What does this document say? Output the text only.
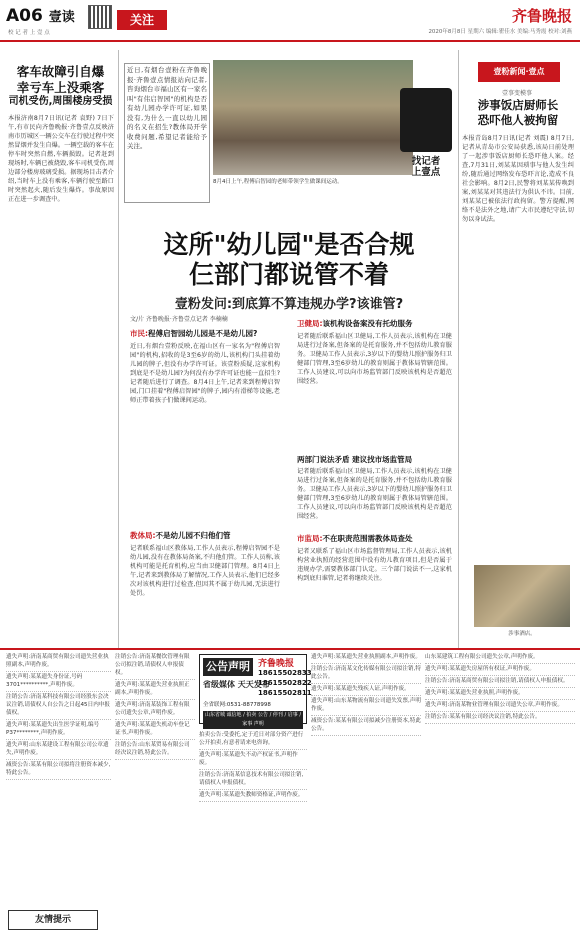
A06 壹读
校 记 者 上 壹 点
关注	齐鲁晚报
2020年8月8日 星期六 编辑:瞿佳水 美编:马秀霞 校对:刘燕
客车故障引自爆
幸亏车上没乘客
司机受伤,周围楼房受损
本报济南8月7日讯(记者 袁野) 7日下午,有市民向齐鲁晚报·齐鲁壹点反映济南市历城区一辆公交车在行驶过程中突然冒烟并发生自爆。一辆空载的客车在停车时突然自燃,车辆损毁。记者赶到现场时,车辆已被烧毁,客车司机受伤,周边部分楼房玻璃受损。据现场目击者介绍,当时车上没有乘客,车辆行驶至路口时突然起火,随后发生爆炸。事故原因正在进一步调查中。
近日,有烟台壹粉在齐鲁晚报·齐鲁壹点情报站向记者,咨询烟台市福山区有一家名叫"有伟启智园"的机构是否有幼儿园办学许可证,如果没有,为什么一直以幼儿园的名义在招生?教体局开学收费问题,希望记者能给予关注。
8月4日上午,程傅启智园的老师带领学生做课间运动。
找记者
上壹点
这所"幼儿园"是否合规
仨部门都说管不着
壹粉发问:到底算不算违规办学?该谁管?
文/片 齐鲁晚报·齐鲁壹点记者 李楠楠
市民:程傅启智园幼儿园是不是幼儿园?
近日,有烟台壹粉反映,在福山区有一家名为"程傅启智园"的机构,招收的是3至6岁的幼儿,该机构门头挂着幼儿园的牌子,但没有办学许可证。该壹粉质疑,这家机构到底是不是幼儿园?为何没有办学许可证也能一直招生?记者随后进行了调查。8月4日上午,记者来到程傅启智园,门口挂着"程傅启智园"的牌子,园内有滑梯等设施,老师正带着孩子们做课间运动。
教体局:不是幼儿园不归他们管
记者联系福山区教体局,工作人员表示,程傅启智园不是幼儿园,没有在教体局备案,不归他们管。工作人员称,该机构可能是托育机构,应当由卫健部门管理。8月4日上午,记者来到教体局了解情况,工作人员表示,他们已经多次对该机构进行过检查,但因其不属于幼儿园,无法进行处罚。
卫健局:该机构设备案没有托幼服务
记者随后联系福山区卫健局,工作人员表示,该机构在卫健局进行过备案,但备案的是托育服务,并不包括幼儿教育服务。卫健局工作人员表示,3岁以下的婴幼儿照护服务归卫健部门管理,3至6岁幼儿的教育则属于教体局管辖范围。工作人员建议,可以向市场监管部门反映该机构是否超范围经营。
两部门说法矛盾 建议找市场监管局
记者随后联系福山区卫健局,工作人员表示,该机构在卫健局进行过备案,但备案的是托育服务,并不包括幼儿教育服务。卫健局工作人员表示,3岁以下的婴幼儿照护服务归卫健部门管理,3至6岁幼儿的教育则属于教体局管辖范围。工作人员建议,可以向市场监管部门反映该机构是否超范围经营。
市监局:不在职责范围需教体局查处
记者又联系了福山区市场监督管理局,工作人员表示,该机构营业执照的经营范围中没有幼儿教育项目,但是否属于违规办学,需要教体部门认定。三个部门说法不一,这家机构到底归谁管,记者将继续关注。
壹粉新闻·壹点
壹事变模事
涉事饭店厨师长
恐吓他人被拘留
本报青岛8月7日讯(记者 刘震) 8月7日,记者从青岛市公安局获悉,该局日前处理了一起涉事饭店厨师长恐吓他人案。经查,7月31日,刘某某因琐事与他人发生纠纷,随后通过网络发布恐吓言论,造成不良社会影响。8月2日,民警将刘某某传唤到案,刘某某对其违法行为供认不讳。目前,刘某某已被依法行政拘留。警方提醒,网络不是法外之地,请广大市民遵纪守法,切勿以身试法。
涉事酒店。
遗失声明:济南某商贸有限公司遗失营业执照副本,声明作废。
遗失声明:某某遗失身份证,号码3701**********,声明作废。
注销公告:济南某科技有限公司经股东会决议注销,请债权人自公告之日起45日内申报债权。
遗失声明:某某遗失出生医学证明,编号P37********,声明作废。
遗失声明:山东某建设工程有限公司公章遗失,声明作废。
减资公告:某某有限公司拟将注册资本减少,特此公告。
注销公告:济南某餐饮管理有限公司拟注销,请债权人申报债权。
遗失声明:某某遗失营业执照正副本,声明作废。
遗失声明:济南某装饰工程有限公司遗失公章,声明作废。
遗失声明:某某遗失机动车登记证书,声明作废。
注销公告:山东某贸易有限公司经决议注销,特此公告。
拍卖公告:受委托,定于近日对部分资产进行公开拍卖,有意者请来电咨询。
遗失声明:某某遗失不动产权证书,声明作废。
注销公告:济南某信息技术有限公司拟注销,请债权人申报债权。
遗失声明:某某遗失教师资格证,声明作废。
遗失声明:某某遗失营业执照副本,声明作废。
注销公告:济南某文化传媒有限公司拟注销,特此公告。
遗失声明:某某遗失残疾人证,声明作废。
遗失声明:山东某物流有限公司遗失发票,声明作废。
减资公告:某某有限公司拟减少注册资本,特此公告。
山东某建筑工程有限公司遗失公章,声明作废。
遗失声明:某某遗失房屋所有权证,声明作废。
注销公告:济南某商贸有限公司拟注销,请债权人申报债权。
遗失声明:某某遗失营业执照,声明作废。
遗失声明:济南某物业管理有限公司遗失公章,声明作废。
注销公告:某某有限公司经决议注销,特此公告。
公告声明 齐鲁晚报
省级媒体 天天发布
18615502833
18615502822
18615502811
全省联网:0531-88778998
山东省城 诚信地 / 拍卖 公告 / 停刊 / 启事 / 家事 声明
友情提示
